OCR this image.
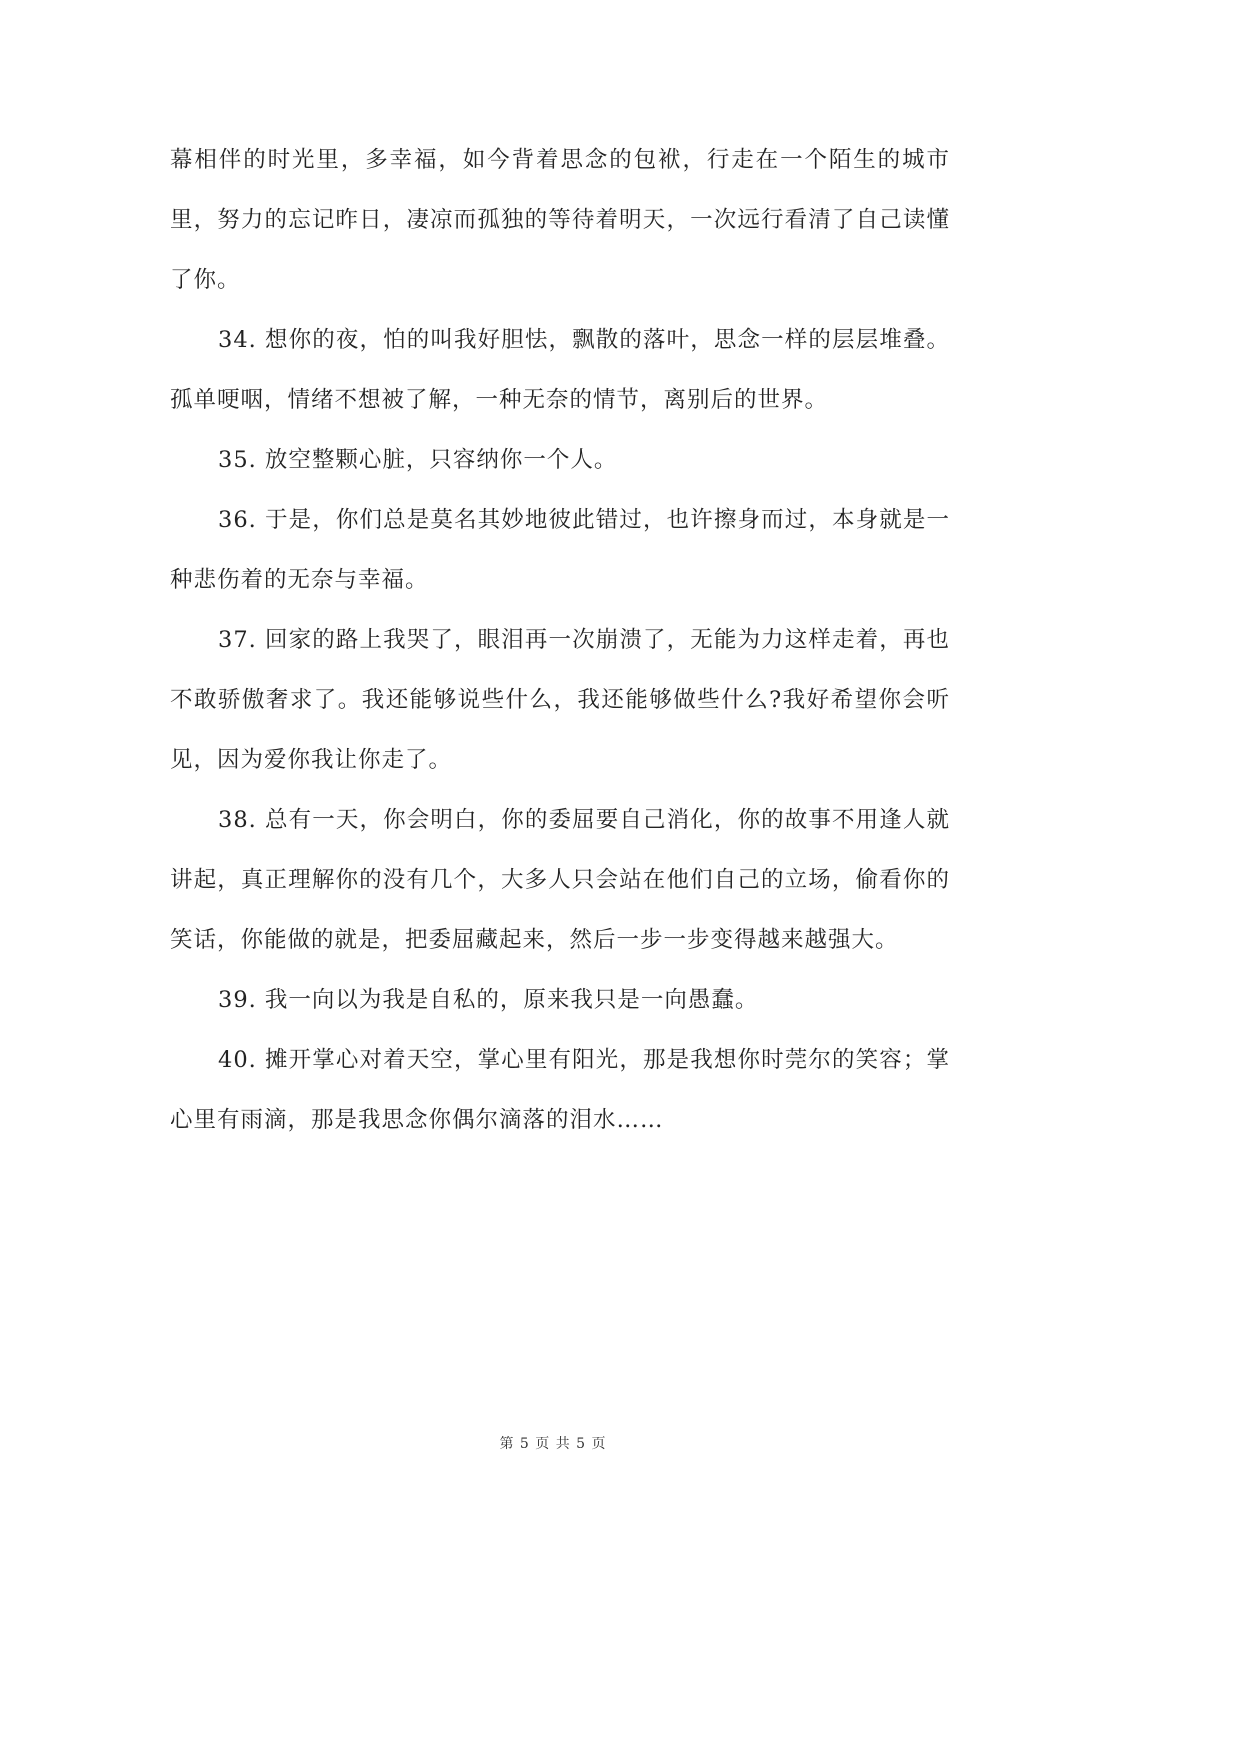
幕相伴的时光里，多幸福，如今背着思念的包袱，行走在一个陌生的城市里，努力的忘记昨日，凄凉而孤独的等待着明天，一次远行看清了自己读懂了你。

34. 想你的夜，怕的叫我好胆怯，飘散的落叶，思念一样的层层堆叠。孤单哽咽，情绪不想被了解，一种无奈的情节，离别后的世界。

35. 放空整颗心脏，只容纳你一个人。

36. 于是，你们总是莫名其妙地彼此错过，也许擦身而过，本身就是一种悲伤着的无奈与幸福。

37. 回家的路上我哭了，眼泪再一次崩溃了，无能为力这样走着，再也不敢骄傲奢求了。我还能够说些什么，我还能够做些什么?我好希望你会听见，因为爱你我让你走了。

38. 总有一天，你会明白，你的委屈要自己消化，你的故事不用逢人就讲起，真正理解你的没有几个，大多人只会站在他们自己的立场，偷看你的笑话，你能做的就是，把委屈藏起来，然后一步一步变得越来越强大。

39. 我一向以为我是自私的，原来我只是一向愚蠢。

40. 摊开掌心对着天空，掌心里有阳光，那是我想你时莞尔的笑容；掌心里有雨滴，那是我思念你偶尔滴落的泪水……

第 5 页 共 5 页
